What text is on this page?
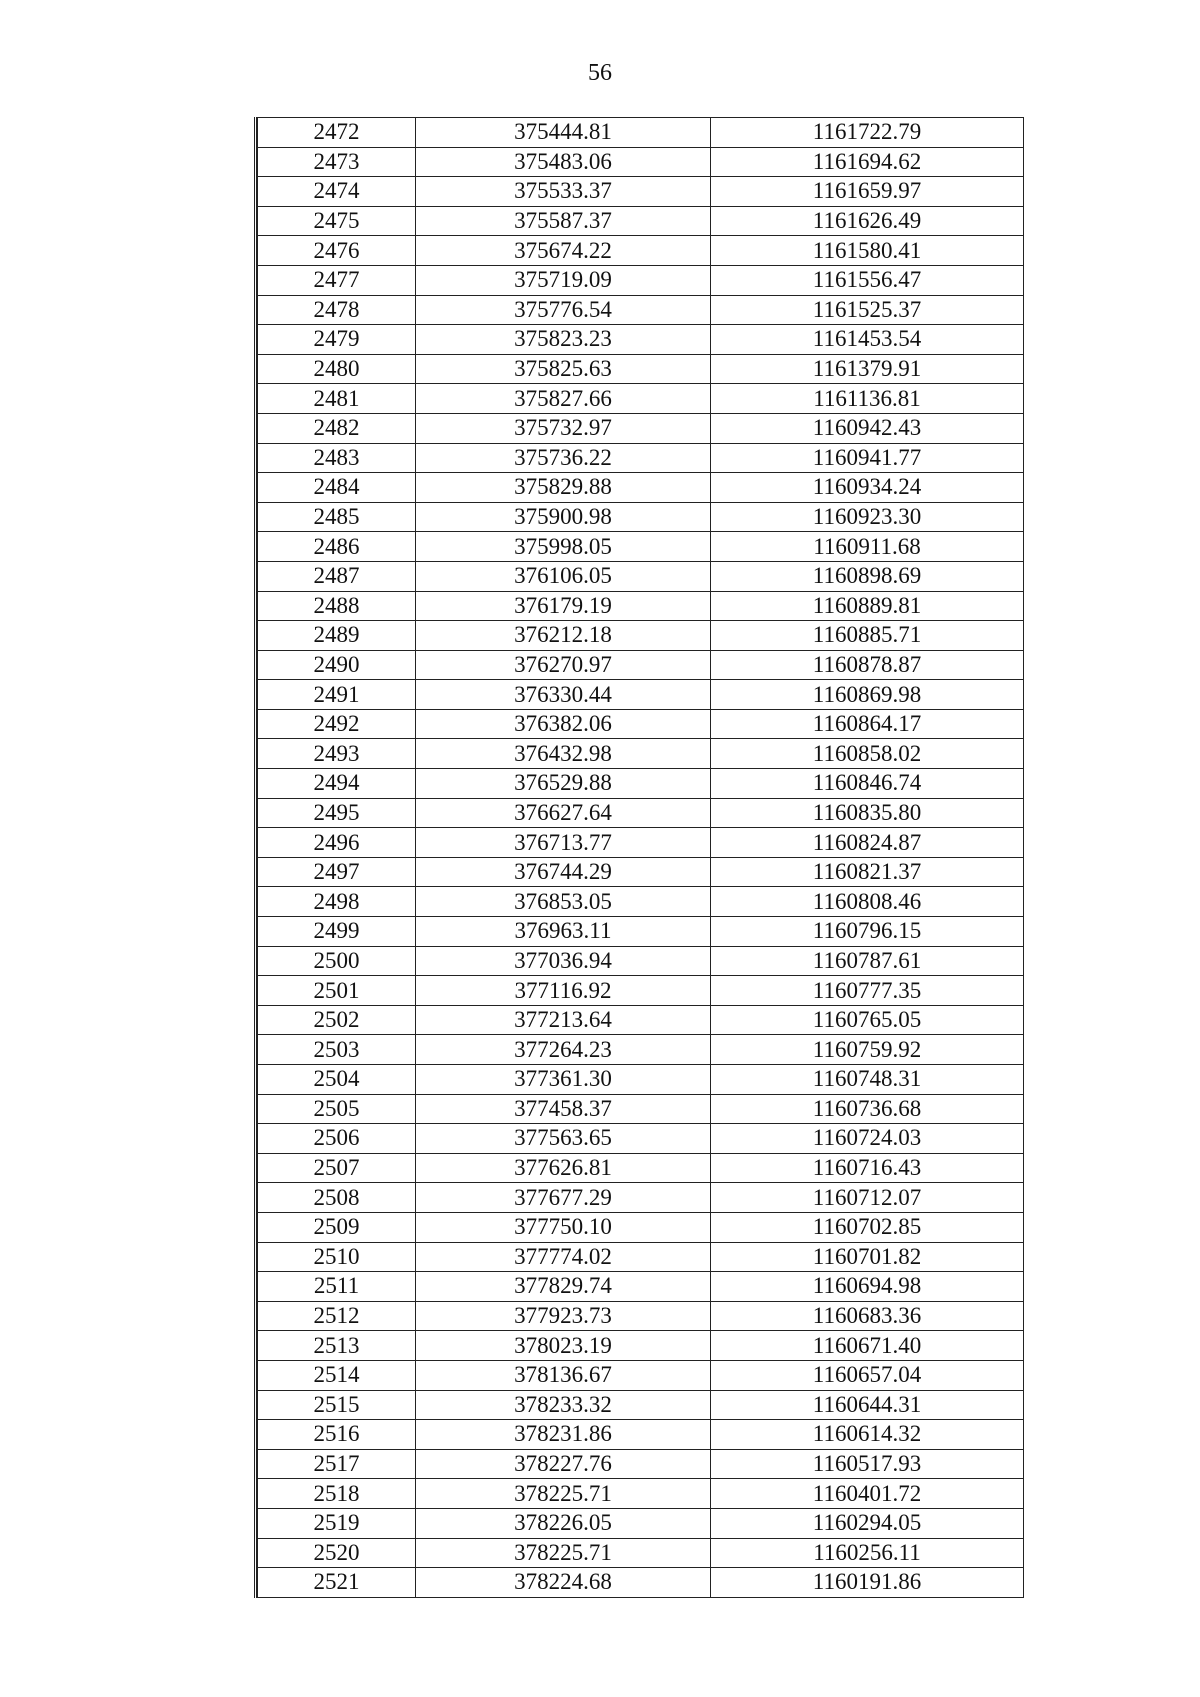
56
2472	375444.81	1161722.79
2473	375483.06	1161694.62
2474	375533.37	1161659.97
2475	375587.37	1161626.49
2476	375674.22	1161580.41
2477	375719.09	1161556.47
2478	375776.54	1161525.37
2479	375823.23	1161453.54
2480	375825.63	1161379.91
2481	375827.66	1161136.81
2482	375732.97	1160942.43
2483	375736.22	1160941.77
2484	375829.88	1160934.24
2485	375900.98	1160923.30
2486	375998.05	1160911.68
2487	376106.05	1160898.69
2488	376179.19	1160889.81
2489	376212.18	1160885.71
2490	376270.97	1160878.87
2491	376330.44	1160869.98
2492	376382.06	1160864.17
2493	376432.98	1160858.02
2494	376529.88	1160846.74
2495	376627.64	1160835.80
2496	376713.77	1160824.87
2497	376744.29	1160821.37
2498	376853.05	1160808.46
2499	376963.11	1160796.15
2500	377036.94	1160787.61
2501	377116.92	1160777.35
2502	377213.64	1160765.05
2503	377264.23	1160759.92
2504	377361.30	1160748.31
2505	377458.37	1160736.68
2506	377563.65	1160724.03
2507	377626.81	1160716.43
2508	377677.29	1160712.07
2509	377750.10	1160702.85
2510	377774.02	1160701.82
2511	377829.74	1160694.98
2512	377923.73	1160683.36
2513	378023.19	1160671.40
2514	378136.67	1160657.04
2515	378233.32	1160644.31
2516	378231.86	1160614.32
2517	378227.76	1160517.93
2518	378225.71	1160401.72
2519	378226.05	1160294.05
2520	378225.71	1160256.11
2521	378224.68	1160191.86
